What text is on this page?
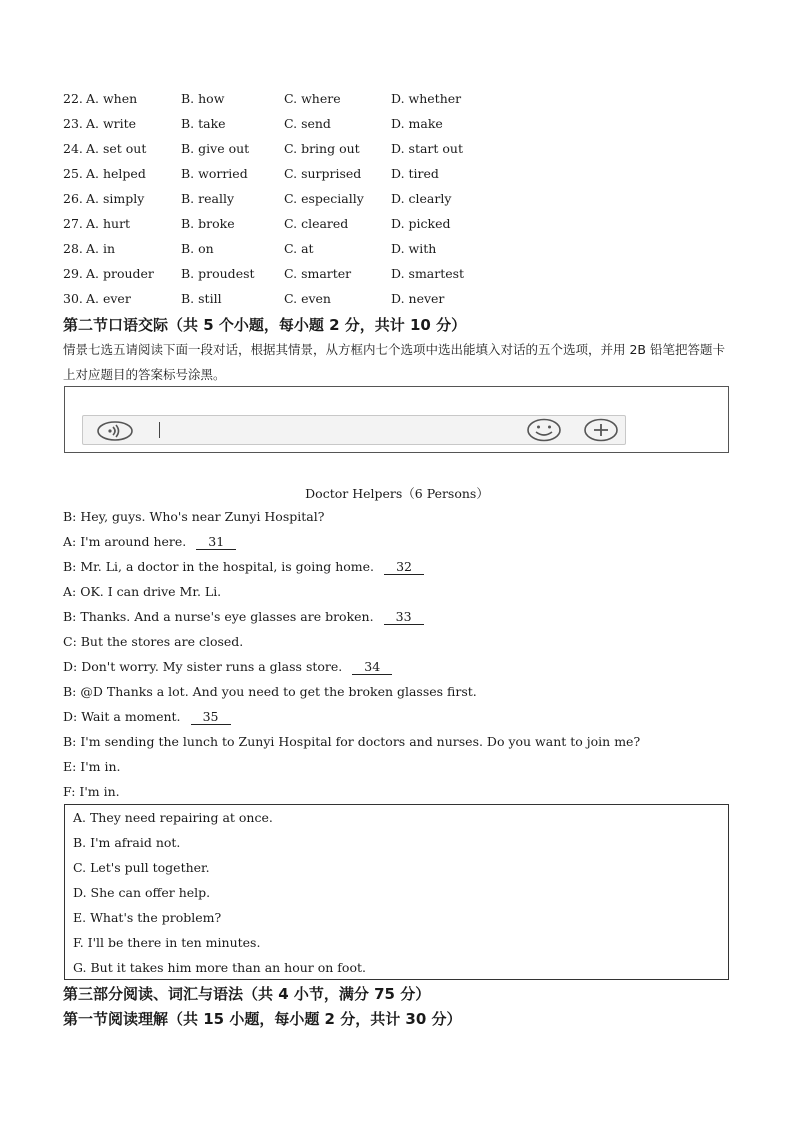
22. A. when	B. how	C. where	D. whether
23. A. write	B. take	C. send	D. make
24. A. set out	B. give out	C. bring out	D. start out
25. A. helped	B. worried	C. surprised D. tired
26. A. simply	B. really	C. especially D. clearly
27. A. hurt	B. broke	C. cleared	D. picked
28. A. in	B. on	C. at	D. with
29. A. prouder B. proudest C. smarter	D. smartest
30. A. ever	B. still	C. even	D. never
第二节口语交际（共 5 个小题，每小题 2 分，共计 10 分）
情景七选五请阅读下面一段对话，根据其情景，从方框内七个选项中选出能填入对话的五个选项，并用 2B 铅笔把答题卡上对应题目的答案标号涂黑。
Doctor Helpers（6 Persons）
B: Hey, guys. Who's near Zunyi Hospital?
A: I'm around here. 31
B: Mr. Li, a doctor in the hospital, is going home. 32
A: OK. I can drive Mr. Li.
B: Thanks. And a nurse's eye glasses are broken. 33
C: But the stores are closed.
D: Don't worry. My sister runs a glass store. 34
B: @D Thanks a lot. And you need to get the broken glasses first.
D: Wait a moment. 35
B: I'm sending the lunch to Zunyi Hospital for doctors and nurses. Do you want to join me?
E: I'm in.
F: I'm in.
A. They need repairing at once.
B. I'm afraid not.
C. Let's pull together.
D. She can offer help.
E. What's the problem?
F. I'll be there in ten minutes.
G. But it takes him more than an hour on foot.
第三部分阅读、词汇与语法（共 4 小节，满分 75 分）
第一节阅读理解（共 15 小题，每小题 2 分，共计 30 分）
